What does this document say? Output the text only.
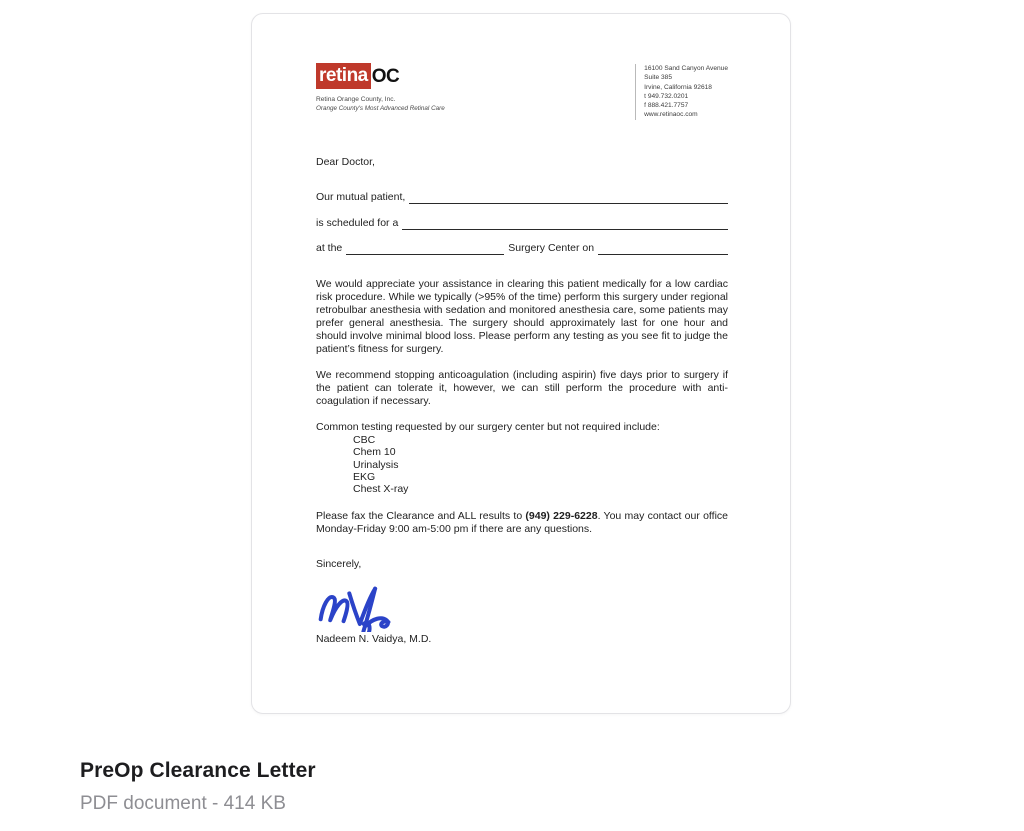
retina OC
Retina Orange County, Inc.
Orange County's Most Advanced Retinal Care
16100 Sand Canyon Avenue
Suite 385
Irvine, California 92618
t 949.732.0201
f 888.421.7757
www.retinaoc.com
Dear Doctor,
Our mutual patient,
is scheduled for a
at the	Surgery Center on
We would appreciate your assistance in clearing this patient medically for a low cardiac risk procedure. While we typically (>95% of the time) perform this surgery under regional retrobulbar anesthesia with sedation and monitored anesthesia care, some patients may prefer general anesthesia. The surgery should approximately last for one hour and should involve minimal blood loss. Please perform any testing as you see fit to judge the patient’s fitness for surgery.
We recommend stopping anticoagulation (including aspirin) five days prior to surgery if the patient can tolerate it, however, we can still perform the procedure with anti-coagulation if necessary.
Common testing requested by our surgery center but not required include:
CBC
Chem 10
Urinalysis
EKG
Chest X-ray
Please fax the Clearance and ALL results to (949) 229-6228. You may contact our office Monday-Friday 9:00 am-5:00 pm if there are any questions.
Sincerely,
Nadeem N. Vaidya, M.D.
PreOp Clearance Letter
PDF document - 414 KB
